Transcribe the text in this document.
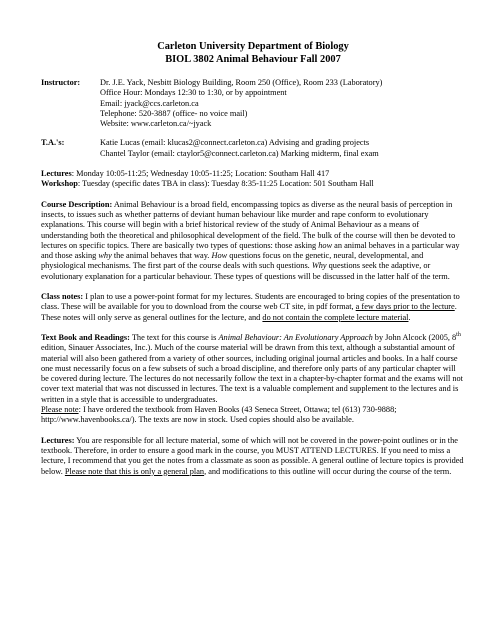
Carleton University Department of Biology
BIOL 3802 Animal Behaviour Fall 2007
Instructor:	Dr. J.E. Yack, Nesbitt Biology Building, Room 250 (Office), Room 233 (Laboratory)
Office Hour: Mondays 12:30 to 1:30, or by appointment
Email: jyack@ccs.carleton.ca
Telephone: 520-3887 (office- no voice mail)
Website: www.carleton.ca/~jyack
T.A.'s:	Katie Lucas (email: klucas2@connect.carleton.ca) Advising and grading projects
Chantel Taylor (email: ctaylor5@connect.carleton.ca) Marking midterm, final exam

Lectures: Monday 10:05-11:25; Wednesday 10:05-11:25; Location: Southam Hall 417

Workshop: Tuesday (specific dates TBA in class): Tuesday 8:35-11:25 Location: 501 Southam Hall

Course Description: Animal Behaviour is a broad field, encompassing topics as diverse as the neural basis of perception in insects, to issues such as whether patterns of deviant human behaviour like murder and rape conform to evolutionary explanations. This course will begin with a brief historical review of the study of Animal Behaviour as a means of understanding both the theoretical and philosophical development of the field. The bulk of the course will then be devoted to lectures on specific topics. There are basically two types of questions: those asking how an animal behaves in a particular way and those asking why the animal behaves that way. How questions focus on the genetic, neural, developmental, and physiological mechanisms. The first part of the course deals with such questions. Why questions seek the adaptive, or evolutionary explanation for a particular behaviour. These types of questions will be discussed in the latter half of the term.

Class notes: I plan to use a power-point format for my lectures. Students are encouraged to bring copies of the presentation to class. These will be available for you to download from the course web CT site, in pdf format, a few days prior to the lecture. These notes will only serve as general outlines for the lecture, and do not contain the complete lecture material.

Text Book and Readings: The text for this course is Animal Behaviour: An Evolutionary Approach by John Alcock (2005, 8th edition, Sinauer Associates, Inc.). Much of the course material will be drawn from this text, although a substantial amount of material will also been gathered from a variety of other sources, including original journal articles and books. In a half course one must necessarily focus on a few subsets of such a broad discipline, and therefore only parts of any particular chapter will be covered during lecture. The lectures do not necessarily follow the text in a chapter-by-chapter format and the exams will not cover text material that was not discussed in lectures. The text is a valuable complement and supplement to the lectures and is written in a style that is accessible to undergraduates.
Please note: I have ordered the textbook from Haven Books (43 Seneca Street, Ottawa; tel (613) 730-9888; http://www.havenbooks.ca/). The texts are now in stock. Used copies should also be available.

Lectures: You are responsible for all lecture material, some of which will not be covered in the power-point outlines or in the textbook. Therefore, in order to ensure a good mark in the course, you MUST ATTEND LECTURES. If you need to miss a lecture, I recommend that you get the notes from a classmate as soon as possible. A general outline of lecture topics is provided below. Please note that this is only a general plan, and modifications to this outline will occur during the course of the term.
